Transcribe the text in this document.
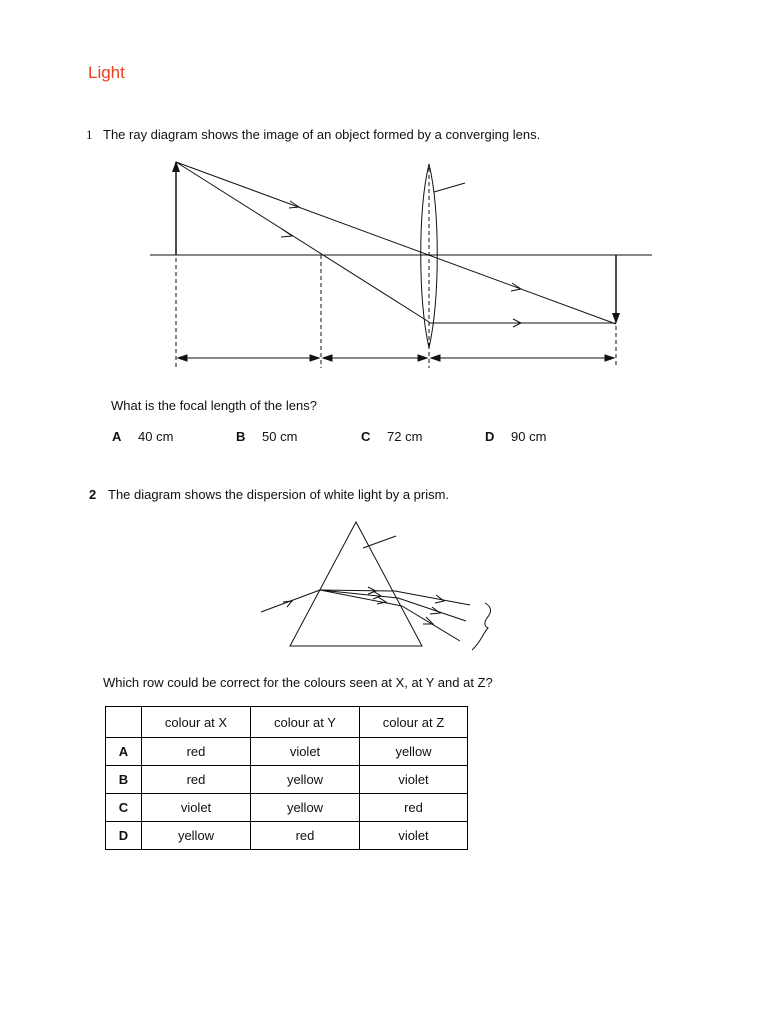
Light
1 The ray diagram shows the image of an object formed by a converging lens.
What is the focal length of the lens?
A 40 cm	B 50 cm	C 72 cm	D 90 cm
2 The diagram shows the dispersion of white light by a prism.
Which row could be correct for the colours seen at X, at Y and at Z?
	colour at X	colour at Y	colour at Z
A	red	violet	yellow
B	red	yellow	violet
C	violet	yellow	red
D	yellow	red	violet
